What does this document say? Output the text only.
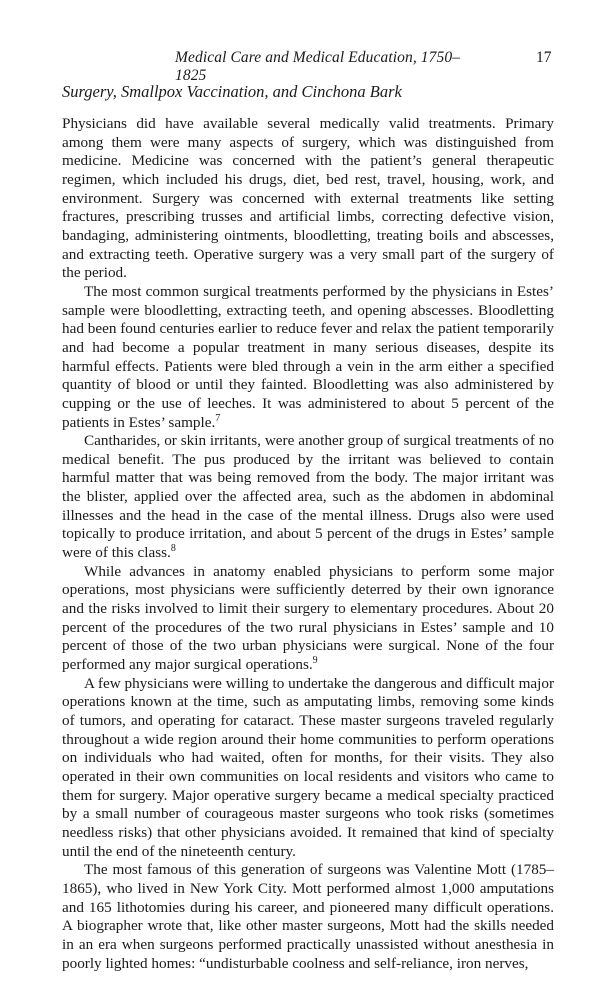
Medical Care and Medical Education, 1750–1825
17
Surgery, Smallpox Vaccination, and Cinchona Bark

Physicians did have available several medically valid treatments. Primary among them were many aspects of surgery, which was distinguished from medicine. Medicine was concerned with the patient’s general therapeutic regimen, which included his drugs, diet, bed rest, travel, housing, work, and environment. Surgery was concerned with external treatments like setting fractures, prescribing trusses and artificial limbs, correcting defective vision, bandaging, administering ointments, bloodletting, treating boils and abscesses, and extracting teeth. Operative surgery was a very small part of the surgery of the period.

The most common surgical treatments performed by the physicians in Estes’ sample were bloodletting, extracting teeth, and opening abscesses. Bloodletting had been found centuries earlier to reduce fever and relax the patient temporarily and had become a popular treatment in many serious diseases, despite its harmful effects. Patients were bled through a vein in the arm either a specified quantity of blood or until they fainted. Bloodletting was also administered by cupping or the use of leeches. It was administered to about 5 percent of the patients in Estes’ sample.$^7$

Cantharides, or skin irritants, were another group of surgical treatments of no medical benefit. The pus produced by the irritant was believed to contain harmful matter that was being removed from the body. The major irritant was the blister, applied over the affected area, such as the abdomen in abdominal illnesses and the head in the case of the mental illness. Drugs also were used topically to produce irritation, and about 5 percent of the drugs in Estes’ sample were of this class.$^8$

While advances in anatomy enabled physicians to perform some major operations, most physicians were sufficiently deterred by their own ignorance and the risks involved to limit their surgery to elementary procedures. About 20 percent of the procedures of the two rural physicians in Estes’ sample and 10 percent of those of the two urban physicians were surgical. None of the four performed any major surgical operations.$^9$

A few physicians were willing to undertake the dangerous and difficult major operations known at the time, such as amputating limbs, removing some kinds of tumors, and operating for cataract. These master surgeons traveled regularly throughout a wide region around their home communities to perform operations on individuals who had waited, often for months, for their visits. They also operated in their own communities on local residents and visitors who came to them for surgery. Major operative surgery became a medical specialty practiced by a small number of courageous master surgeons who took risks (sometimes needless risks) that other physicians avoided. It remained that kind of specialty until the end of the nineteenth century.

The most famous of this generation of surgeons was Valentine Mott (1785–1865), who lived in New York City. Mott performed almost 1,000 amputations and 165 lithotomies during his career, and pioneered many difficult operations. A biographer wrote that, like other master surgeons, Mott had the skills needed in an era when surgeons performed practically unassisted without anesthesia in poorly lighted homes: “undisturbable coolness and self-reliance, iron nerves,
